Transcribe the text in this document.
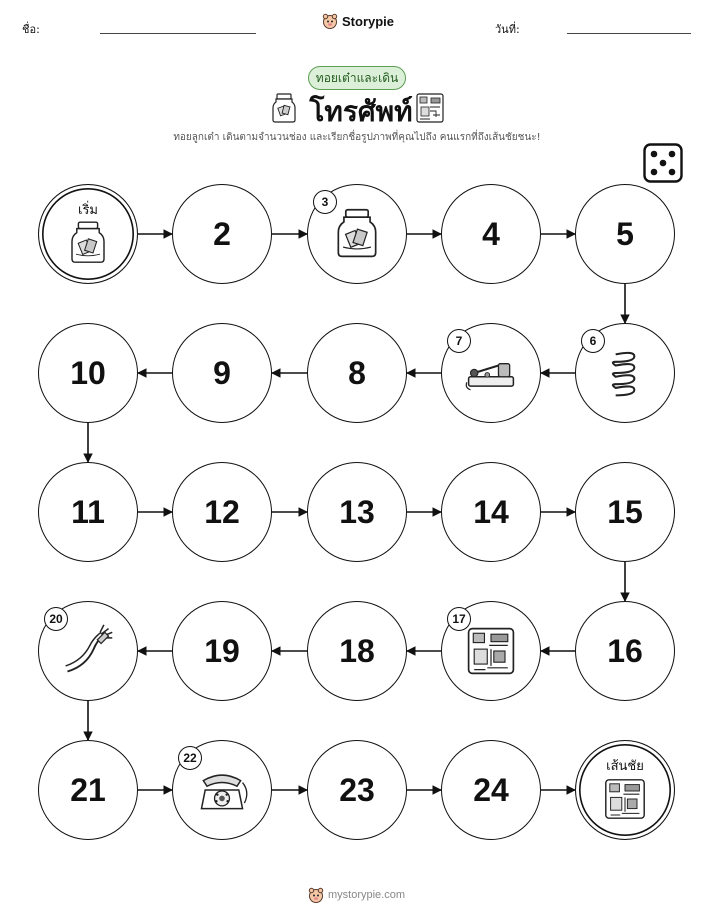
ชื่อ:
Storypie
วันที่:
ทอยเต๋าและเดิน
โทรศัพท์
ทอยลูกเต๋า เดินตามจำนวนช่อง และเรียกชื่อรูปภาพที่คุณไปถึง คนแรกที่ถึงเส้นชัยชนะ!
เริ่ม
2
3
4	5
6
7
8
9
10
11	12	13	14	15
16
17
18
19
20
21
22
23	24
เส้นชัย
mystorypie.com
